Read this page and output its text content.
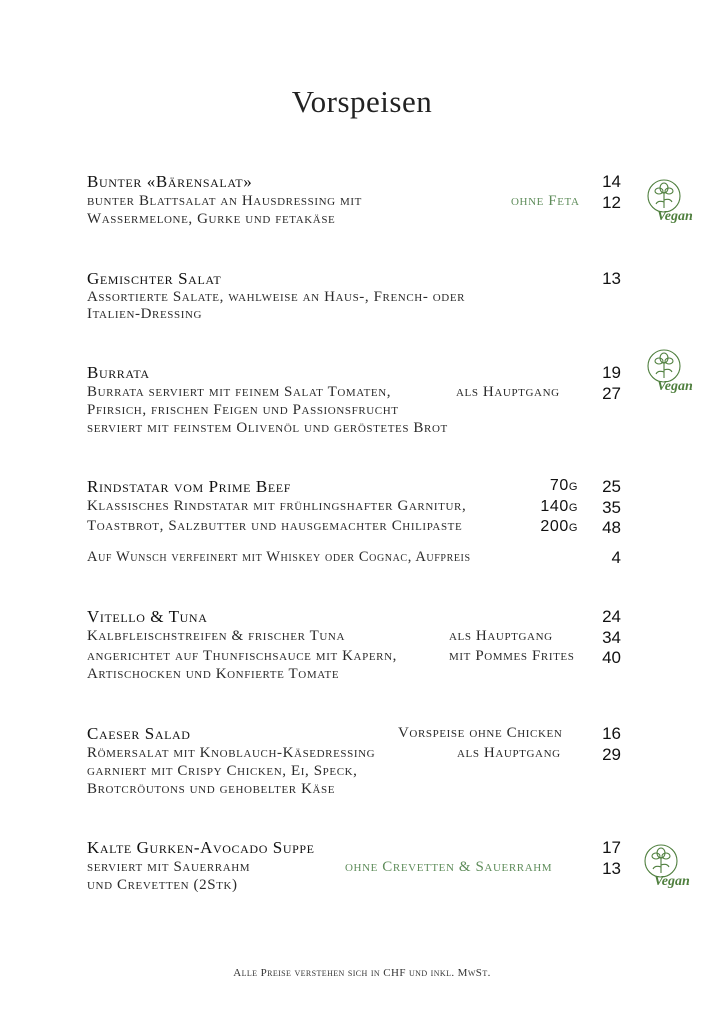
Vorspeisen
Bunter «Bärensalat»
bunter Blattsalat an Hausdressing mit
Wassermelone, Gurke und fetakäse
ohne Feta
14
12
Gemischter Salat
Assortierte Salate, wahlweise an Haus-, French- oder
Italien-Dressing
13
Burrata
Burrata serviert mit feinem Salat Tomaten,
Pfirsich, frischen Feigen und Passionsfrucht
serviert mit feinstem Olivenöl und geröstetes Brot
als Hauptgang
19
27
Rindstatar vom Prime Beef
Klassisches Rindstatar mit frühlingshafter Garnitur,
Toastbrot, Salzbutter und hausgemachter Chilipaste
70g
140g
200g
25
35
48
Auf Wunsch verfeinert mit Whiskey oder Cognac, Aufpreis	4
Vitello & Tuna
Kalbfleischstreifen & frischer Tuna
angerichtet auf Thunfischsauce mit Kapern,
Artischocken und Konfierte Tomate
als Hauptgang
mit Pommes Frites
24
34
40
Caeser Salad
Römersalat mit Knoblauch-Käsedressing
garniert mit Crispy Chicken, Ei, Speck,
Brotcröutons und gehobelter Käse
Vorspeise ohne Chicken
als Hauptgang
16
29
Kalte Gurken-Avocado Suppe
serviert mit Sauerrahm
und Crevetten (2Stk)
ohne Crevetten & Sauerrahm
17
13
Vegan
Vegan
Vegan
Alle Preise verstehen sich in CHF und inkl. MwSt.
